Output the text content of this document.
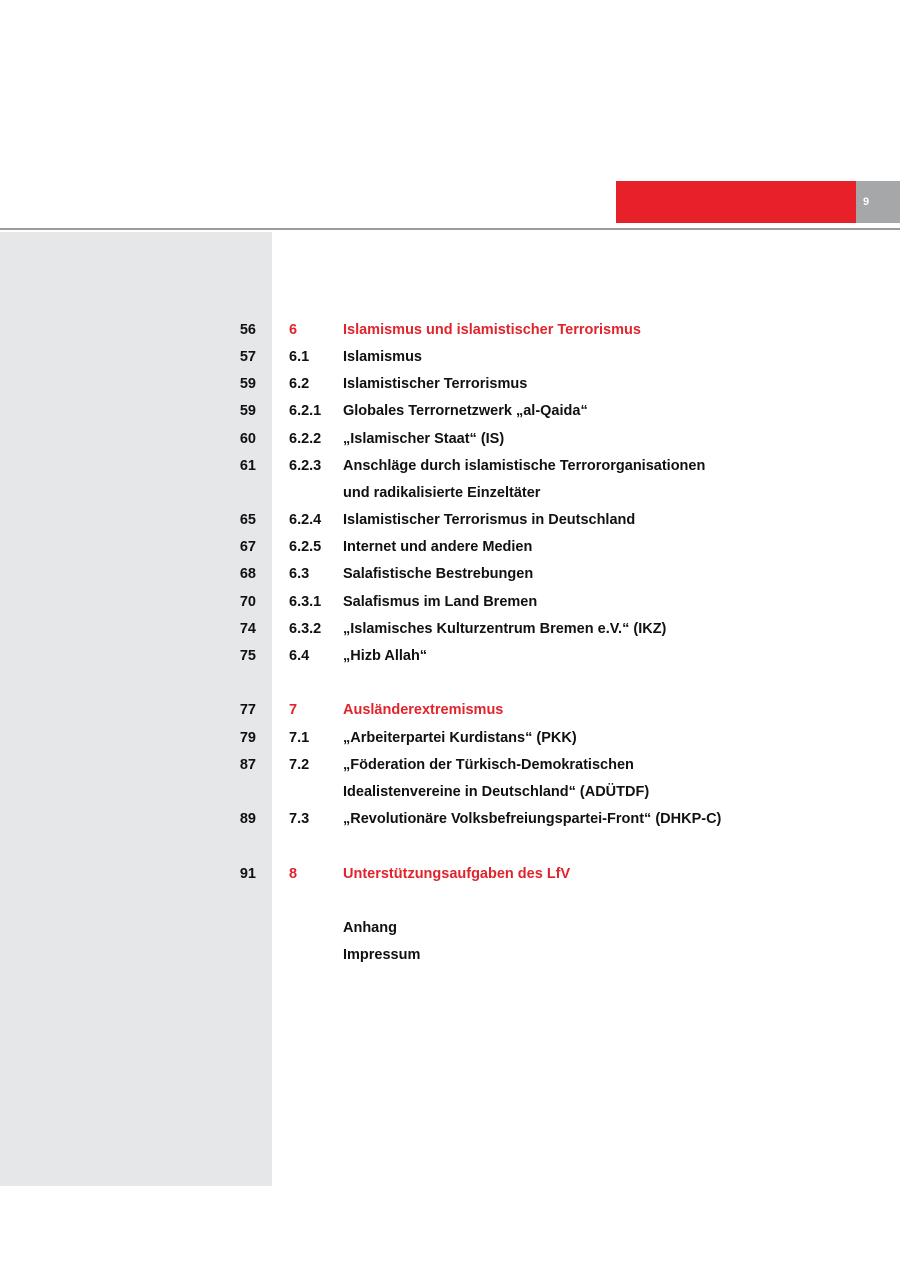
9
56 6	Islamismus und islamistischer Terrorismus
57 6.1 Islamismus
59 6.2 Islamistischer Terrorismus
59 6.2.1 Globales Terrornetzwerk „al-Qaida“
60 6.2.2 „Islamischer Staat“ (IS)
61 6.2.3 Anschläge durch islamistische Terrororganisationen
und radikalisierte Einzeltäter
65 6.2.4 Islamistischer Terrorismus in Deutschland
67 6.2.5 Internet und andere Medien
68 6.3 Salafistische Bestrebungen
70 6.3.1 Salafismus im Land Bremen
74 6.3.2 „Islamisches Kulturzentrum Bremen e.V.“ (IKZ)
75 6.4 „Hizb Allah“
77 7	Ausländerextremismus
79 7.1 „Arbeiterpartei Kurdistans“ (PKK)
87 7.2 „Föderation der Türkisch-Demokratischen
Idealistenvereine in Deutschland“ (ADÜTDF)
89 7.3 „Revolutionäre Volksbefreiungspartei-Front“ (DHKP-C)
91 8	Unterstützungsaufgaben des LfV
Anhang
Impressum
